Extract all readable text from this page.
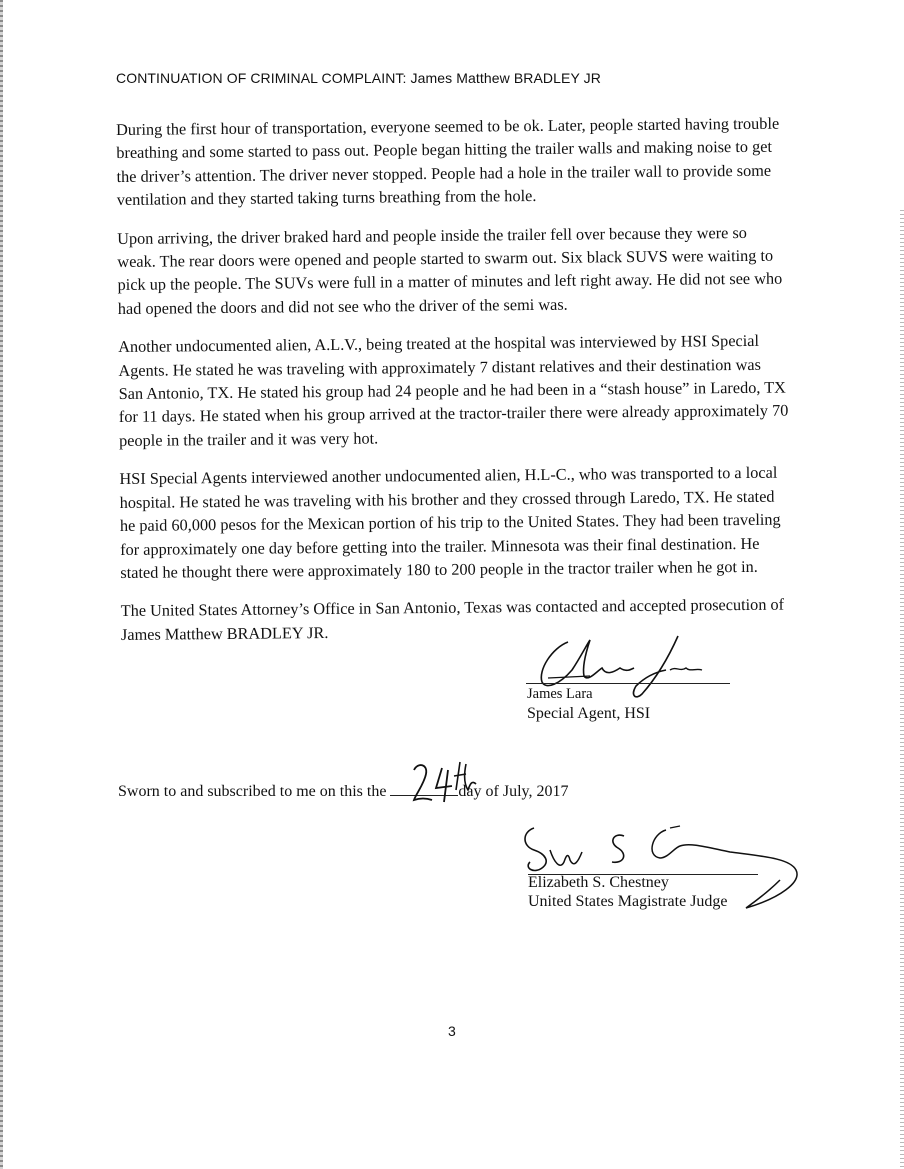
CONTINUATION OF CRIMINAL COMPLAINT: James Matthew BRADLEY JR

During the first hour of transportation, everyone seemed to be ok. Later, people started having trouble breathing and some started to pass out. People began hitting the trailer walls and making noise to get the driver’s attention. The driver never stopped. People had a hole in the trailer wall to provide some ventilation and they started taking turns breathing from the hole.

Upon arriving, the driver braked hard and people inside the trailer fell over because they were so weak. The rear doors were opened and people started to swarm out. Six black SUVS were waiting to pick up the people. The SUVs were full in a matter of minutes and left right away. He did not see who had opened the doors and did not see who the driver of the semi was.

Another undocumented alien, A.L.V., being treated at the hospital was interviewed by HSI Special Agents. He stated he was traveling with approximately 7 distant relatives and their destination was San Antonio, TX. He stated his group had 24 people and he had been in a “stash house” in Laredo, TX for 11 days. He stated when his group arrived at the tractor-trailer there were already approximately 70 people in the trailer and it was very hot.

HSI Special Agents interviewed another undocumented alien, H.L-C., who was transported to a local hospital. He stated he was traveling with his brother and they crossed through Laredo, TX. He stated he paid 60,000 pesos for the Mexican portion of his trip to the United States. They had been traveling for approximately one day before getting into the trailer. Minnesota was their final destination. He stated he thought there were approximately 180 to 200 people in the tractor trailer when he got in.

The United States Attorney’s Office in San Antonio, Texas was contacted and accepted prosecution of James Matthew BRADLEY JR.

James Lara
Special Agent, HSI
Sworn to and subscribed to me on this the	day of July, 2017
Elizabeth S. Chestney
United States Magistrate Judge
3
